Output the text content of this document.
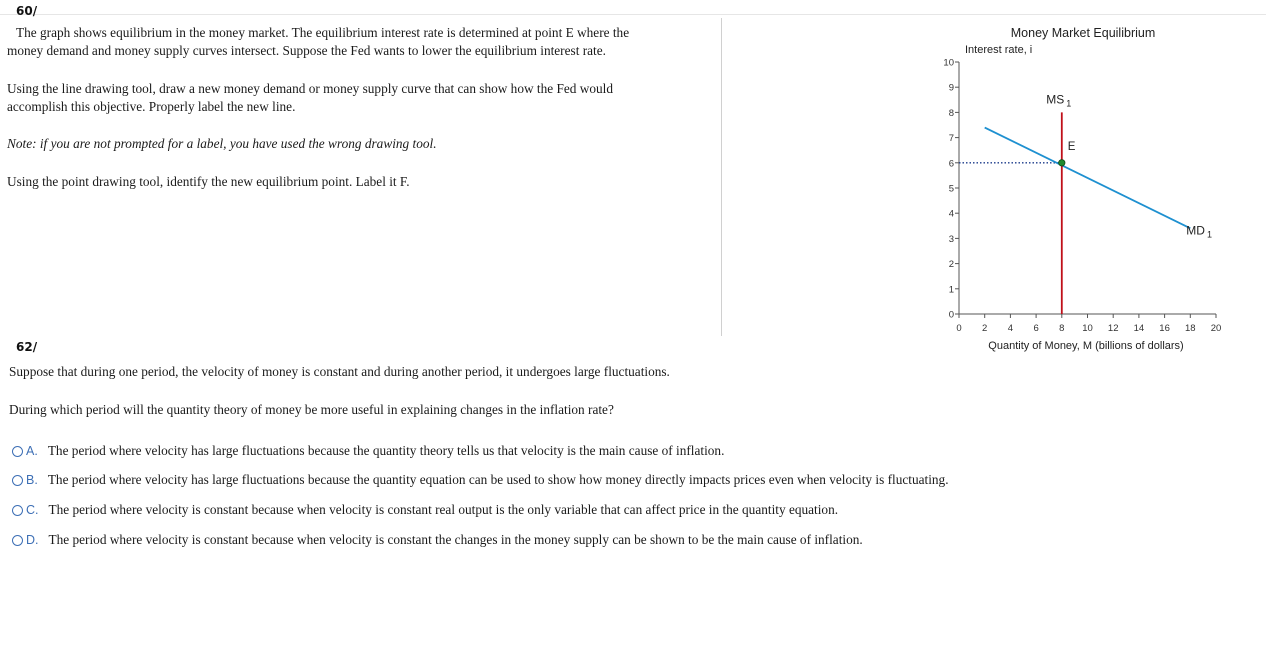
60/
The graph shows equilibrium in the money market. The equilibrium interest rate is determined at point E where the
money demand and money supply curves intersect. Suppose the Fed wants to lower the equilibrium interest rate.
Using the line drawing tool, draw a new money demand or money supply curve that can show how the Fed would
accomplish this objective. Properly label the new line.
Note: if you are not prompted for a label, you have used the wrong drawing tool.
Using the point drawing tool, identify the new equilibrium point. Label it F.
Money Market Equilibrium
Interest rate, i
Quantity of Money, M (billions of dollars)
0
1
2
3
4
5
6
7
8
9
10
0 2 4 6 8 10 12 14 16 18 20
MD $_1$
MS $_1$
E
62/
Suppose that during one period, the velocity of money is constant and during another period, it undergoes large fluctuations.
During which period will the quantity theory of money be more useful in explaining changes in the inflation rate?
A. The period where velocity has large fluctuations because the quantity theory tells us that velocity is the main cause of inflation.
B. The period where velocity has large fluctuations because the quantity equation can be used to show how money directly impacts prices even when velocity is fluctuating.
C. The period where velocity is constant because when velocity is constant real output is the only variable that can affect price in the quantity equation.
D. The period where velocity is constant because when velocity is constant the changes in the money supply can be shown to be the main cause of inflation.
